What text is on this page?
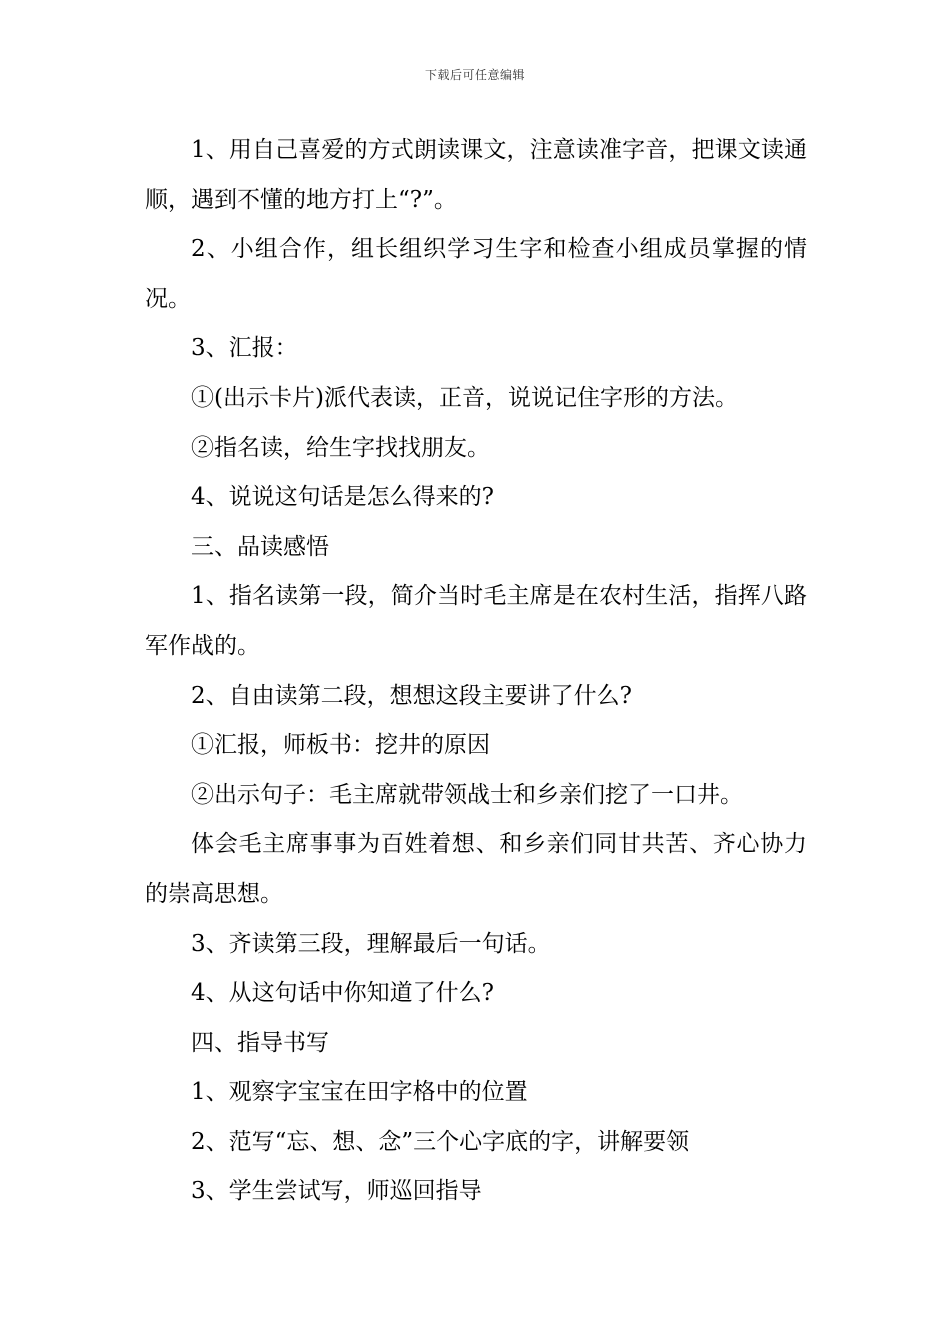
下载后可任意编辑

1、用自己喜爱的方式朗读课文，注意读准字音，把课文读通顺，遇到不懂的地方打上“?”。

2、小组合作，组长组织学习生字和检查小组成员掌握的情况。

3、汇报：

①(出示卡片)派代表读，正音，说说记住字形的方法。

②指名读，给生字找找朋友。

4、说说这句话是怎么得来的?

三、品读感悟

1、指名读第一段，简介当时毛主席是在农村生活，指挥八路军作战的。

2、自由读第二段，想想这段主要讲了什么?

①汇报，师板书：挖井的原因

②出示句子：毛主席就带领战士和乡亲们挖了一口井。

体会毛主席事事为百姓着想、和乡亲们同甘共苦、齐心协力的崇高思想。

3、齐读第三段，理解最后一句话。

4、从这句话中你知道了什么?

四、指导书写

1、观察字宝宝在田字格中的位置

2、范写“忘、想、念”三个心字底的字，讲解要领

3、学生尝试写，师巡回指导
